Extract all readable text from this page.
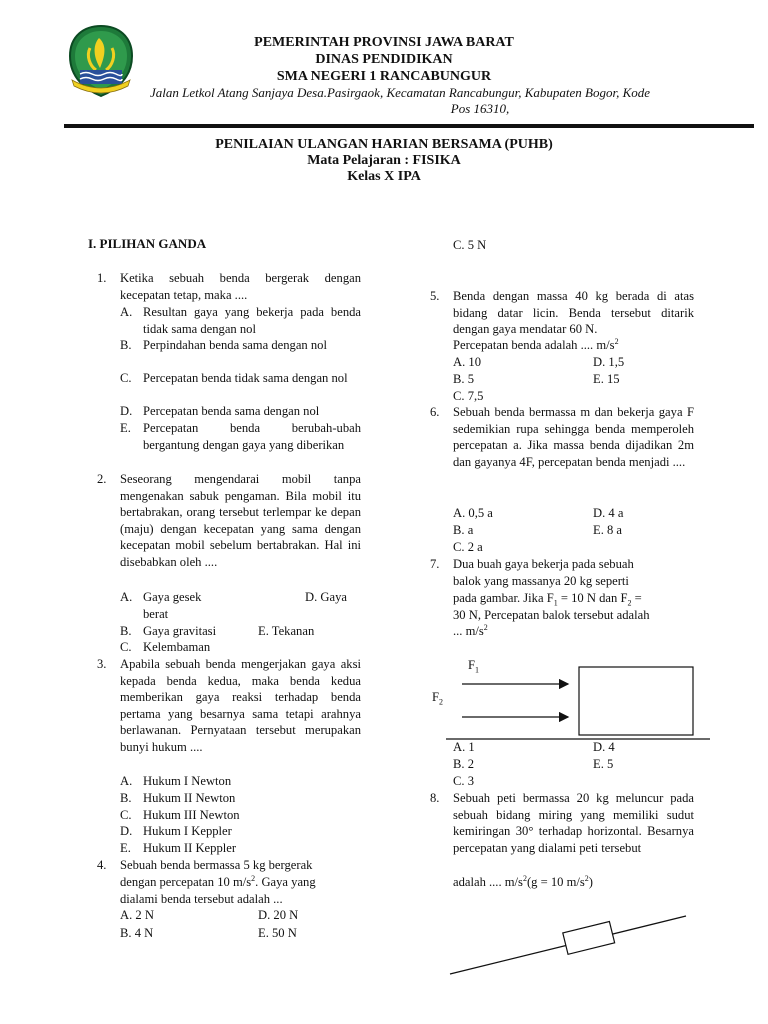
PEMERINTAH PROVINSI JAWA BARAT
DINAS PENDIDIKAN
SMA NEGERI 1 RANCABUNGUR
Jalan Letkol Atang Sanjaya Desa.Pasirgaok, Kecamatan Rancabungur, Kabupaten Bogor, Kode
Pos 16310,
PENILAIAN ULANGAN HARIAN BERSAMA (PUHB)
Mata Pelajaran : FISIKA
Kelas X IPA
I. PILIHAN GANDA
1.	Ketika sebuah benda bergerak dengan kecepatan tetap, maka ....
A. Resultan gaya yang bekerja pada benda tidak sama dengan nol
B. Perpindahan benda sama dengan nol
C. Percepatan benda tidak sama dengan nol
D. Percepatan benda sama dengan nol
E. Percepatan benda berubah-ubah bergantung dengan gaya yang diberikan
2.	Seseorang mengendarai mobil tanpa mengenakan sabuk pengaman. Bila mobil itu bertabrakan, orang tersebut terlempar ke depan (maju) dengan kecepatan yang sama dengan kecepatan mobil sebelum bertabrakan. Hal ini disebabkan oleh ....
A. Gaya gesek	D. Gaya
berat
B. Gaya gravitasi	E. Tekanan
C. Kelembaman
3.	Apabila sebuah benda mengerjakan gaya aksi kepada benda kedua, maka benda kedua memberikan gaya reaksi terhadap benda pertama yang besarnya sama tetapi arahnya berlawanan. Pernyataan tersebut merupakan bunyi hukum ....
A. Hukum I Newton
B. Hukum II Newton
C. Hukum III Newton
D. Hukum I Keppler
E. Hukum II Keppler
4.	Sebuah benda bermassa 5 kg bergerak
dengan percepatan 10 $m/s^2$. Gaya yang
dialami benda tersebut adalah ...
A. 2 N	D. 20 N
B. 4 N	E. 50 N
C. 5 N
5.	Benda dengan massa 40 kg berada di atas bidang datar licin. Benda tersebut ditarik dengan gaya mendatar 60 N.
Percepatan benda adalah .... $m/s^2$
A. 10	D. 1,5
B. 5	E. 15
C. 7,5
6.	Sebuah benda bermassa m dan bekerja gaya F sedemikian rupa sehingga benda memperoleh percepatan a. Jika massa benda dijadikan 2m dan gayanya 4F, percepatan benda menjadi ....
A. 0,5 a	D. 4 a
B. a	E. 8 a
C. 2 a
7.	Dua buah gaya bekerja pada sebuah
balok yang massanya 20 kg seperti
pada gambar. Jika $F_1 = 10$ N dan $F_2$ =
30 N, Percepatan balok tersebut adalah
... $m/s^2$
$F_1$
$F_2$
A. 1	D. 4
B. 2	E. 5
C. 3
8.	Sebuah peti bermassa 20 kg meluncur pada sebuah bidang miring yang memiliki sudut kemiringan 30° terhadap horizontal. Besarnya percepatan yang dialami peti tersebut
adalah .... $m/s^2(g = 10$ $m/s^2$)
